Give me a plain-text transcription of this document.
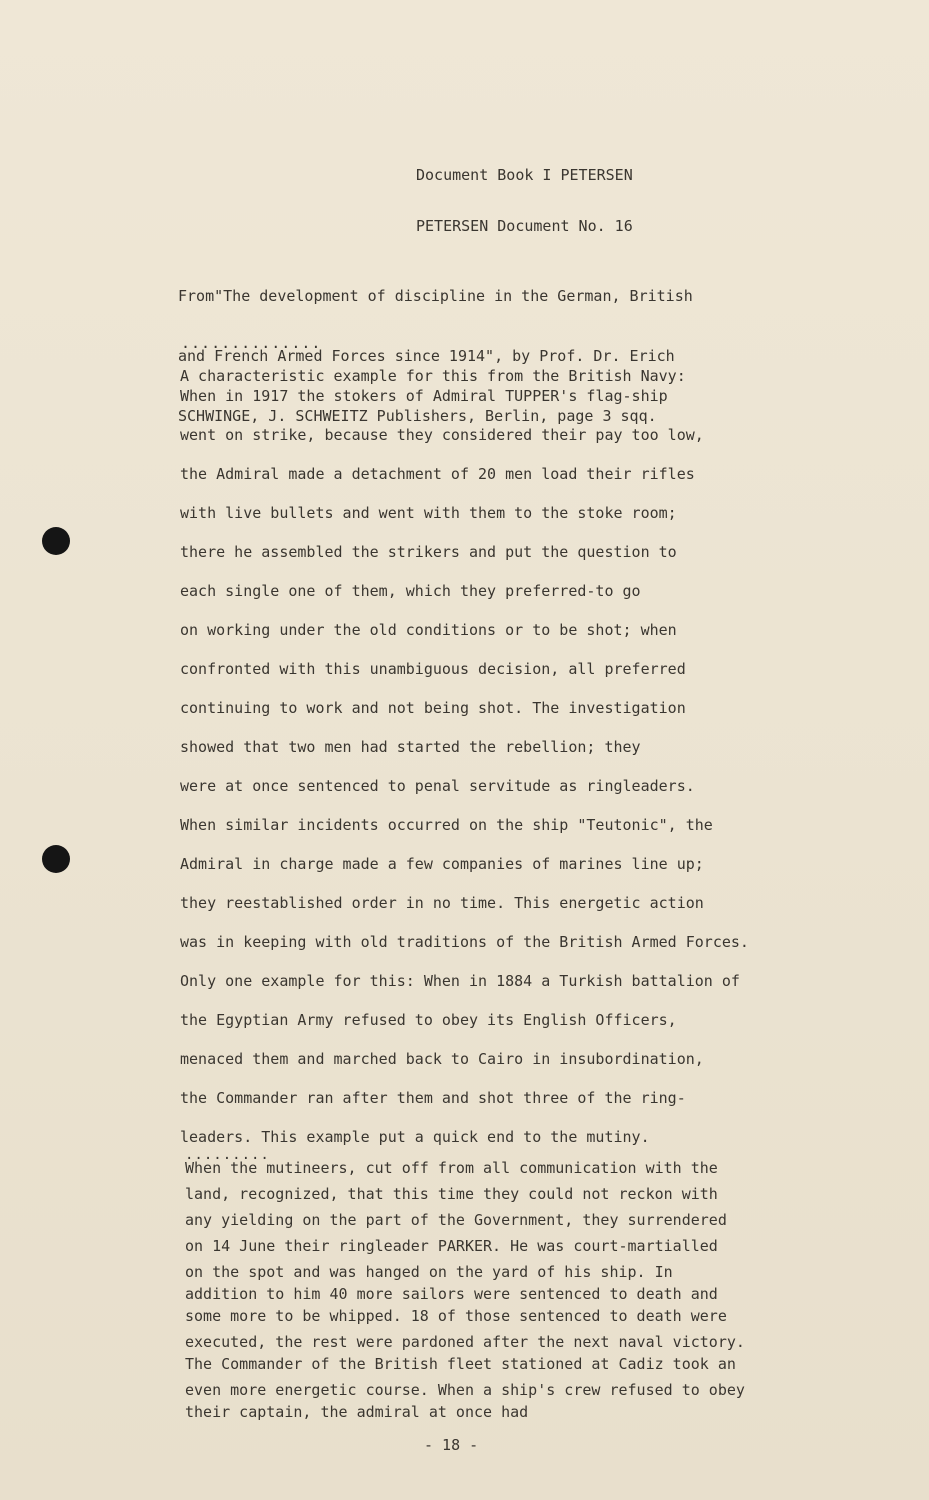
Document Book I PETERSEN

PETERSEN Document No. 16

From"The development of discipline in the German, British

and French Armed Forces since 1914", by Prof. Dr. Erich

SCHWINGE, J. SCHWEITZ Publishers, Berlin, page 3 sqq.

..............
A characteristic example for this from the British Navy:
When in 1917 the stokers of Admiral TUPPER's flag-ship
went on strike, because they considered their pay too low,
the Admiral made a detachment of 20 men load their rifles
with live bullets and went with them to the stoke room;
there he assembled the strikers and put the question to
each single one of them, which they preferred-to go
on working under the old conditions or to be shot; when
confronted with this unambiguous decision, all preferred
continuing to work and not being shot. The investigation
showed that two men had started the rebellion; they
were at once sentenced to penal servitude as ringleaders.
When similar incidents occurred on the ship "Teutonic", the
Admiral in charge made a few companies of marines line up;
they reestablished order in no time. This energetic action
was in keeping with old traditions of the British Armed Forces.
Only one example for this: When in 1884 a Turkish battalion of
the Egyptian Army refused to obey its English Officers,
menaced them and marched back to Cairo in insubordination,
the Commander ran after them and shot three of the ring-
leaders. This example put a quick end to the mutiny.
.........
When the mutineers, cut off from all communication with the
land, recognized, that this time they could not reckon with
any yielding on the part of the Government, they surrendered
on 14 June their ringleader PARKER. He was court-martialled
on the spot and was hanged on the yard of his ship. In
addition to him 40 more sailors were sentenced to death and
some more to be whipped. 18 of those sentenced to death were
executed, the rest were pardoned after the next naval victory.
The Commander of the British fleet stationed at Cadiz took an
even more energetic course. When a ship's crew refused to obey
their captain, the admiral at once had
- 18 -
